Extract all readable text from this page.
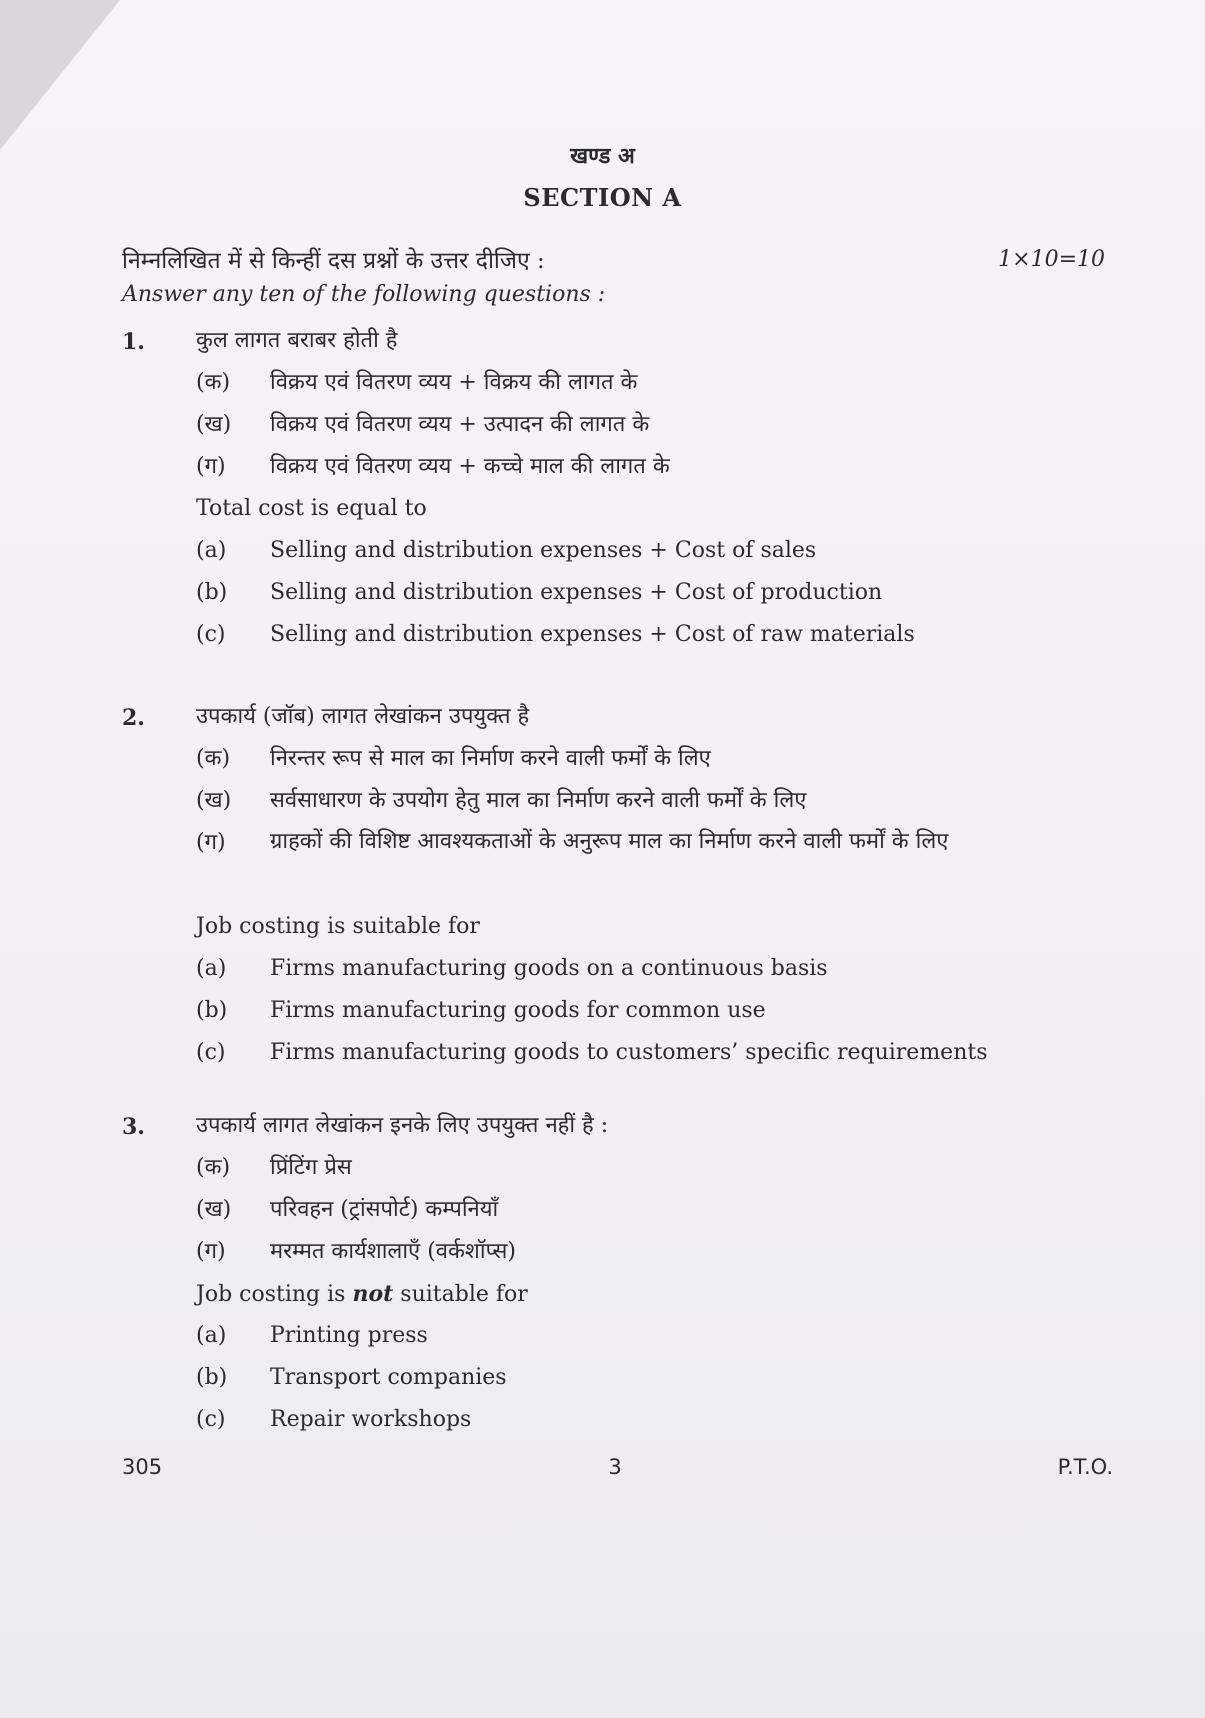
खण्ड अ
SECTION A
निम्नलिखित में से किन्हीं दस प्रश्नों के उत्तर दीजिए :	1×10=10
Answer any ten of the following questions :
1. कुल लागत बराबर होती है
(क)	विक्रय एवं वितरण व्यय + विक्रय की लागत के
(ख)	विक्रय एवं वितरण व्यय + उत्पादन की लागत के
(ग)	विक्रय एवं वितरण व्यय + कच्चे माल की लागत के
Total cost is equal to
(a)	Selling and distribution expenses + Cost of sales
(b)	Selling and distribution expenses + Cost of production
(c)	Selling and distribution expenses + Cost of raw materials
2. उपकार्य (जॉब) लागत लेखांकन उपयुक्त है
(क)	निरन्तर रूप से माल का निर्माण करने वाली फर्मों के लिए
(ख)	सर्वसाधारण के उपयोग हेतु माल का निर्माण करने वाली फर्मों के लिए
(ग)	ग्राहकों की विशिष्ट आवश्यकताओं के अनुरूप माल का निर्माण करने वाली फर्मों के लिए
Job costing is suitable for
(a)	Firms manufacturing goods on a continuous basis
(b)	Firms manufacturing goods for common use
(c)	Firms manufacturing goods to customers’ specific requirements
3. उपकार्य लागत लेखांकन इनके लिए उपयुक्त नहीं है :
(क)	प्रिंटिंग प्रेस
(ख)	परिवहन (ट्रांसपोर्ट) कम्पनियाँ
(ग)	मरम्मत कार्यशालाएँ (वर्कशॉप्स)
Job costing is not suitable for
(a)	Printing press
(b)	Transport companies
(c)	Repair workshops
305	3	P.T.O.
